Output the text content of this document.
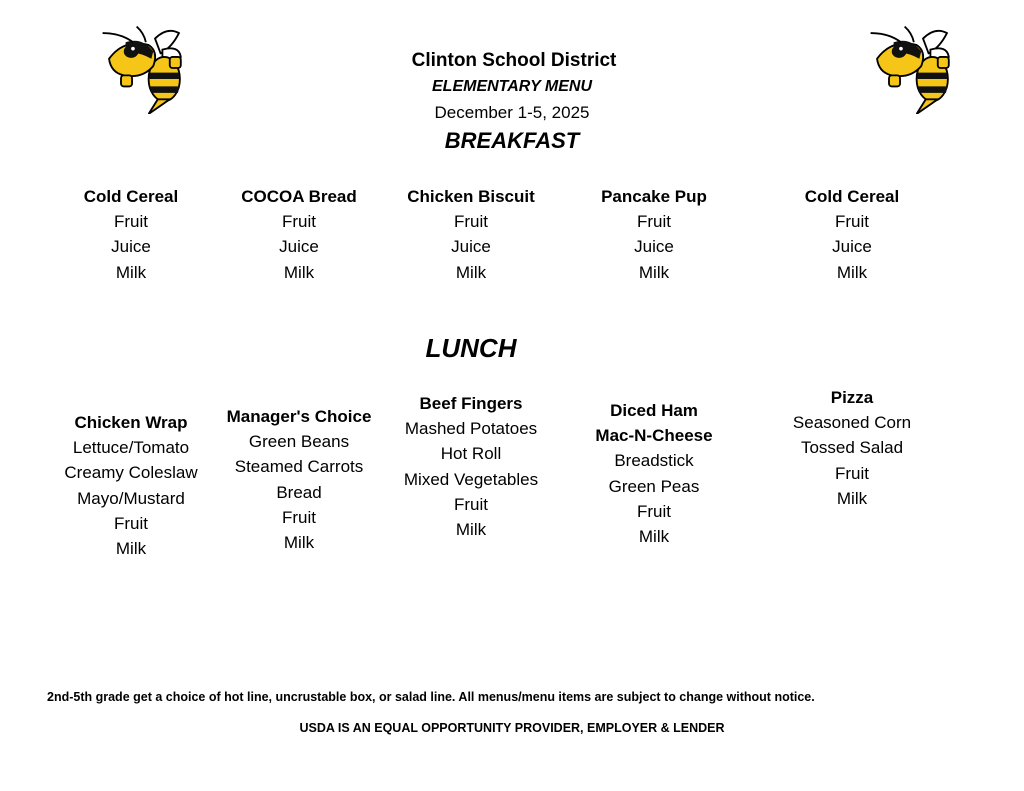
Clinton School District
ELEMENTARY MENU
December 1-5, 2025
BREAKFAST
Cold Cereal
Fruit
Juice
Milk
COCOA Bread
Fruit
Juice
Milk
Chicken Biscuit
Fruit
Juice
Milk
Pancake Pup
Fruit
Juice
Milk
Cold Cereal
Fruit
Juice
Milk
LUNCH
Chicken Wrap
Lettuce/Tomato
Creamy Coleslaw
Mayo/Mustard
Fruit
Milk
Manager's Choice
Green Beans
Steamed Carrots
Bread
Fruit
Milk
Beef Fingers
Mashed Potatoes
Hot Roll
Mixed Vegetables
Fruit
Milk
Diced Ham
Mac-N-Cheese
Breadstick
Green Peas
Fruit
Milk
Pizza
Seasoned Corn
Tossed Salad
Fruit
Milk
2nd-5th grade get a choice of hot line, uncrustable box, or salad line. All menus/menu items are subject to change without notice.
USDA IS AN EQUAL OPPORTUNITY PROVIDER, EMPLOYER & LENDER
